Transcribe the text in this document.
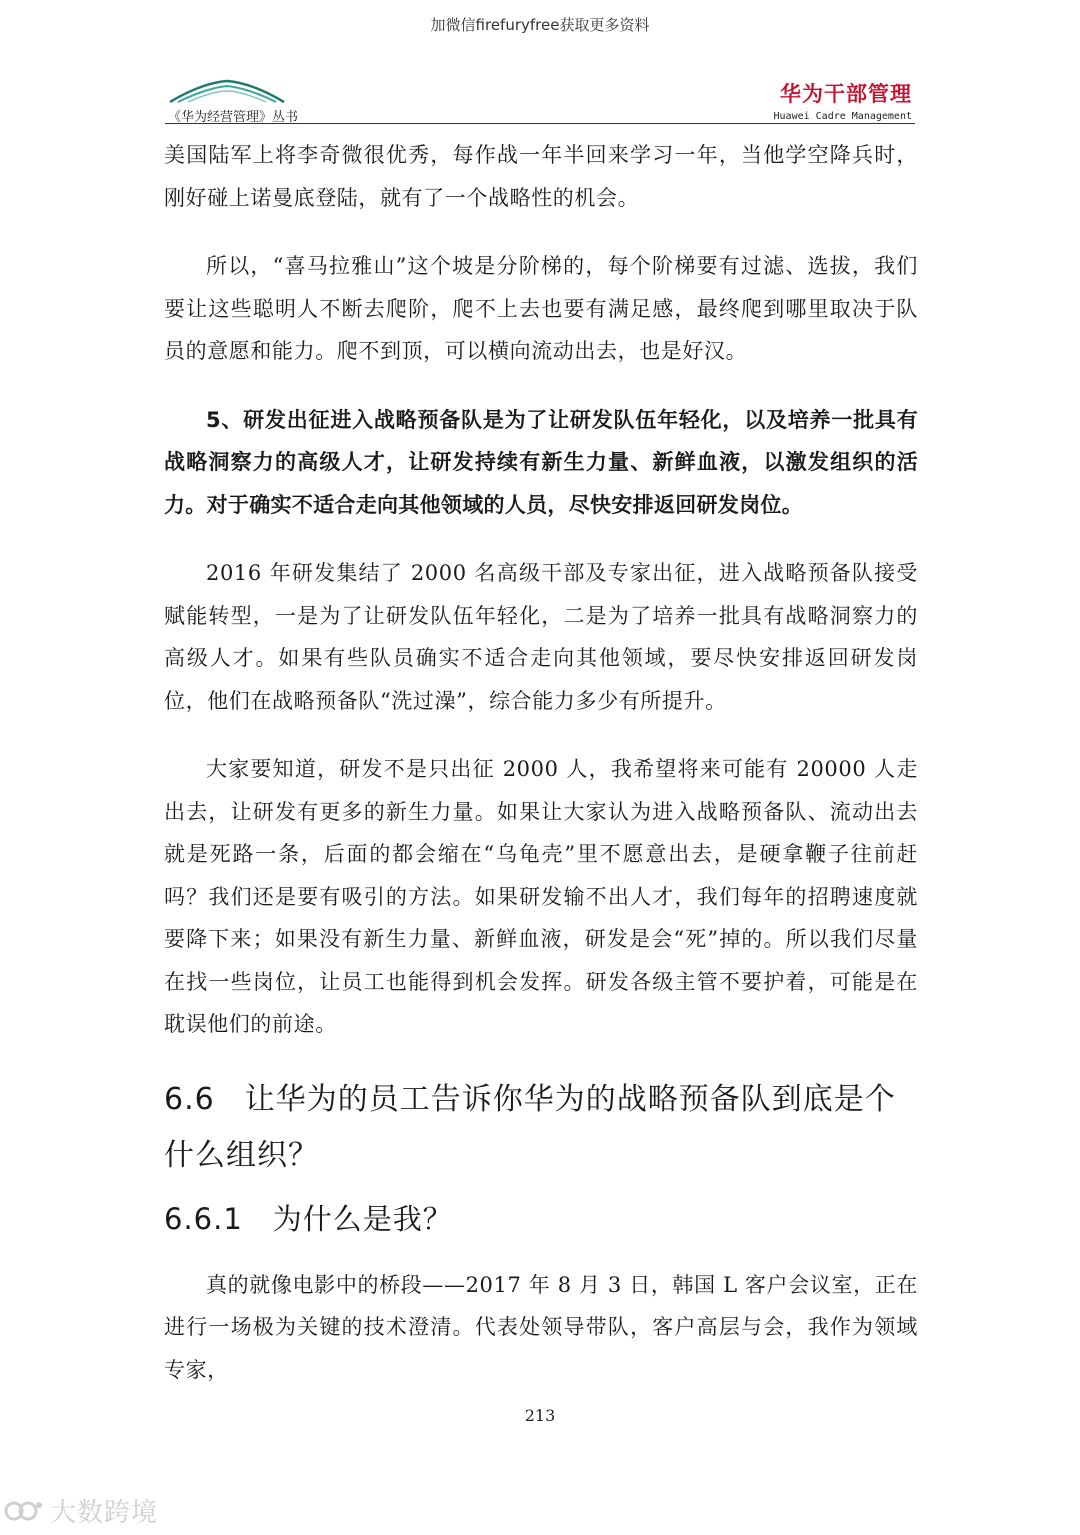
加微信firefuryfree获取更多资料
《华为经营管理》丛书
华为干部管理
Huawei Cadre Management

美国陆军上将李奇微很优秀，每作战一年半回来学习一年，当他学空降兵时，刚好碰上诺曼底登陆，就有了一个战略性的机会。

所以，“喜马拉雅山”这个坡是分阶梯的，每个阶梯要有过滤、选拔，我们要让这些聪明人不断去爬阶，爬不上去也要有满足感，最终爬到哪里取决于队员的意愿和能力。爬不到顶，可以横向流动出去，也是好汉。

5、研发出征进入战略预备队是为了让研发队伍年轻化，以及培养一批具有战略洞察力的高级人才，让研发持续有新生力量、新鲜血液，以激发组织的活力。对于确实不适合走向其他领域的人员，尽快安排返回研发岗位。

2016 年研发集结了 2000 名高级干部及专家出征，进入战略预备队接受赋能转型，一是为了让研发队伍年轻化，二是为了培养一批具有战略洞察力的高级人才。如果有些队员确实不适合走向其他领域，要尽快安排返回研发岗位，他们在战略预备队“洗过澡”，综合能力多少有所提升。

大家要知道，研发不是只出征 2000 人，我希望将来可能有 20000 人走出去，让研发有更多的新生力量。如果让大家认为进入战略预备队、流动出去就是死路一条，后面的都会缩在“乌龟壳”里不愿意出去，是硬拿鞭子往前赶吗？我们还是要有吸引的方法。如果研发输不出人才，我们每年的招聘速度就要降下来；如果没有新生力量、新鲜血液，研发是会“死”掉的。所以我们尽量在找一些岗位，让员工也能得到机会发挥。研发各级主管不要护着，可能是在耽误他们的前途。

6.6 让华为的员工告诉你华为的战略预备队到底是个什么组织？
6.6.1 为什么是我？

真的就像电影中的桥段——2017 年 8 月 3 日，韩国 L 客户会议室，正在进行一场极为关键的技术澄清。代表处领导带队，客户高层与会，我作为领域专家，

213
大数跨境
